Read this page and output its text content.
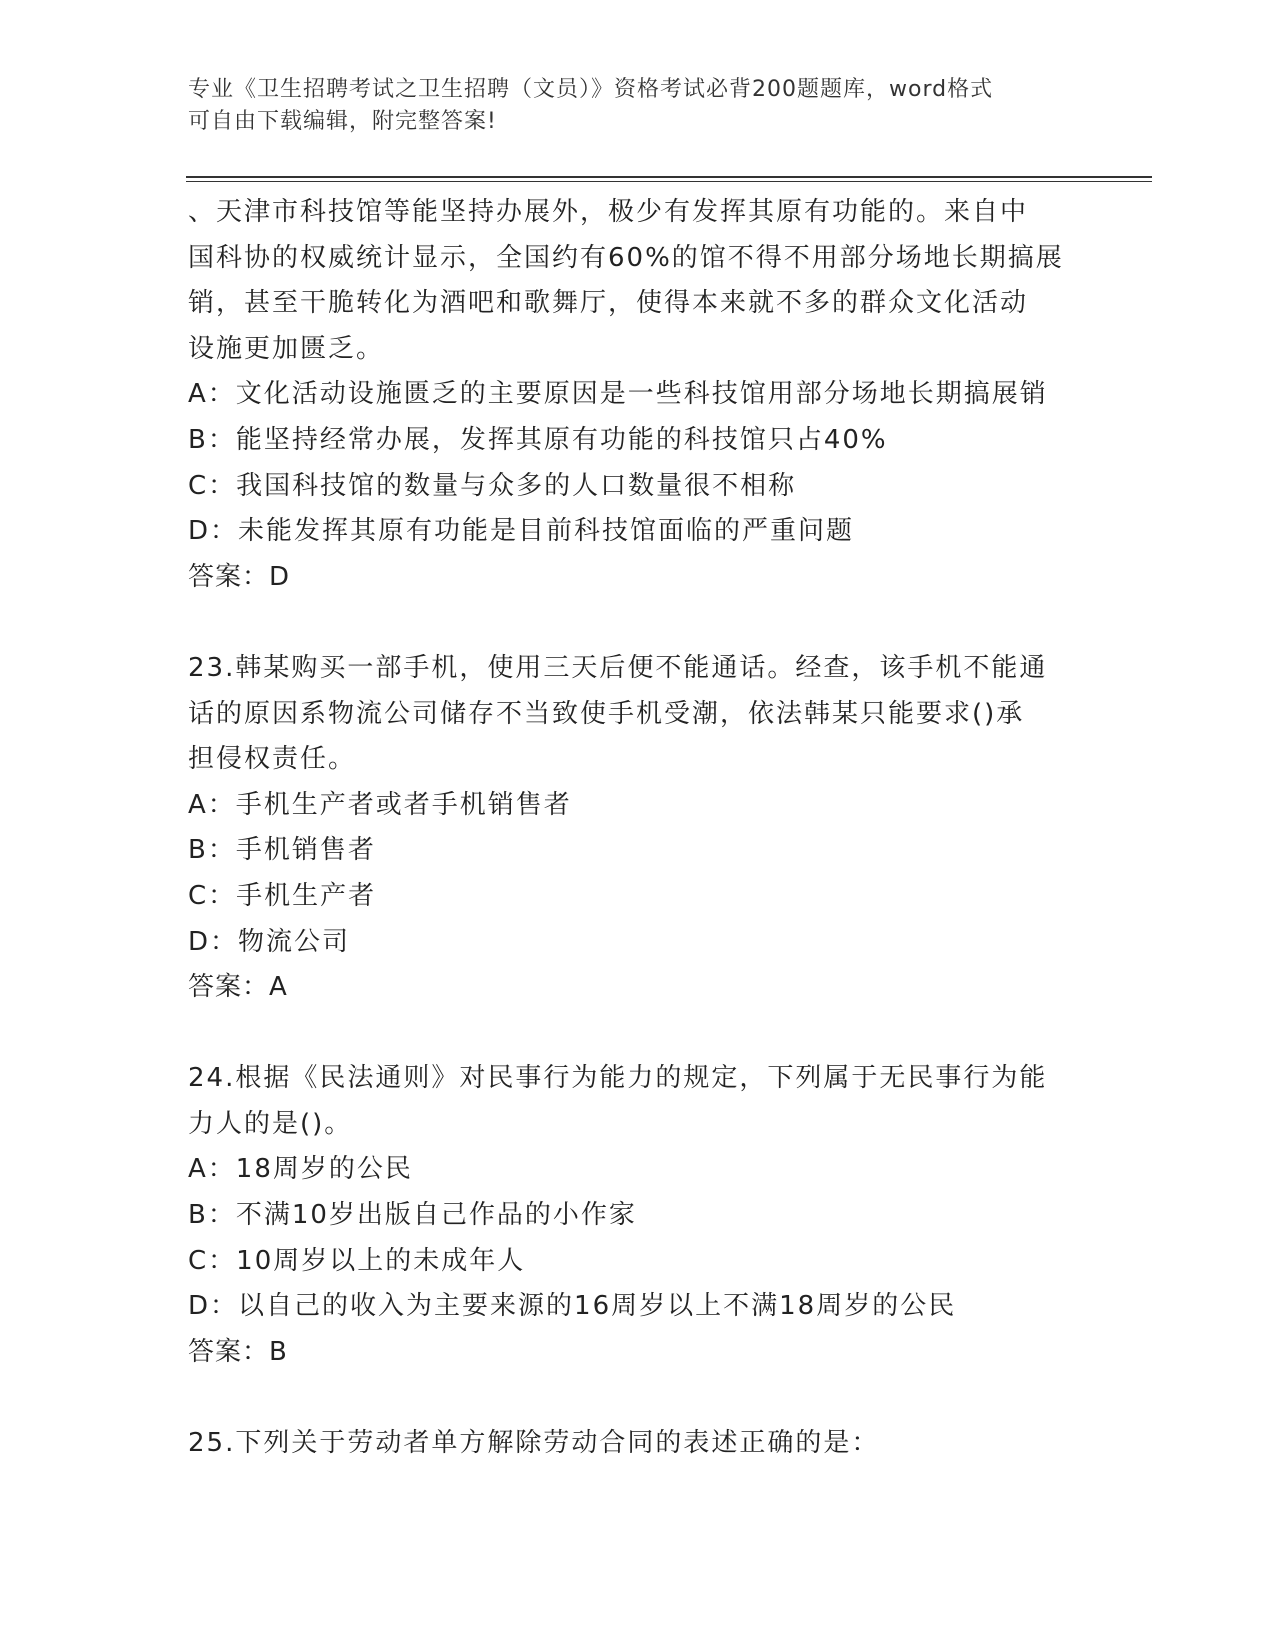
专业《卫生招聘考试之卫生招聘（文员）》资格考试必背200题题库，word格式
可自由下载编辑，附完整答案!
、天津市科技馆等能坚持办展外，极少有发挥其原有功能的。来自中
国科协的权威统计显示，全国约有60%的馆不得不用部分场地长期搞展
销，甚至干脆转化为酒吧和歌舞厅，使得本来就不多的群众文化活动
设施更加匮乏。
A：文化活动设施匮乏的主要原因是一些科技馆用部分场地长期搞展销
B：能坚持经常办展，发挥其原有功能的科技馆只占40%
C：我国科技馆的数量与众多的人口数量很不相称
D：未能发挥其原有功能是目前科技馆面临的严重问题
答案：D
23.韩某购买一部手机，使用三天后便不能通话。经查，该手机不能通
话的原因系物流公司储存不当致使手机受潮，依法韩某只能要求()承
担侵权责任。
A：手机生产者或者手机销售者
B：手机销售者
C：手机生产者
D：物流公司
答案：A
24.根据《民法通则》对民事行为能力的规定，下列属于无民事行为能
力人的是()。
A：18周岁的公民
B：不满10岁出版自己作品的小作家
C：10周岁以上的未成年人
D：以自己的收入为主要来源的16周岁以上不满18周岁的公民
答案：B
25.下列关于劳动者单方解除劳动合同的表述正确的是：
